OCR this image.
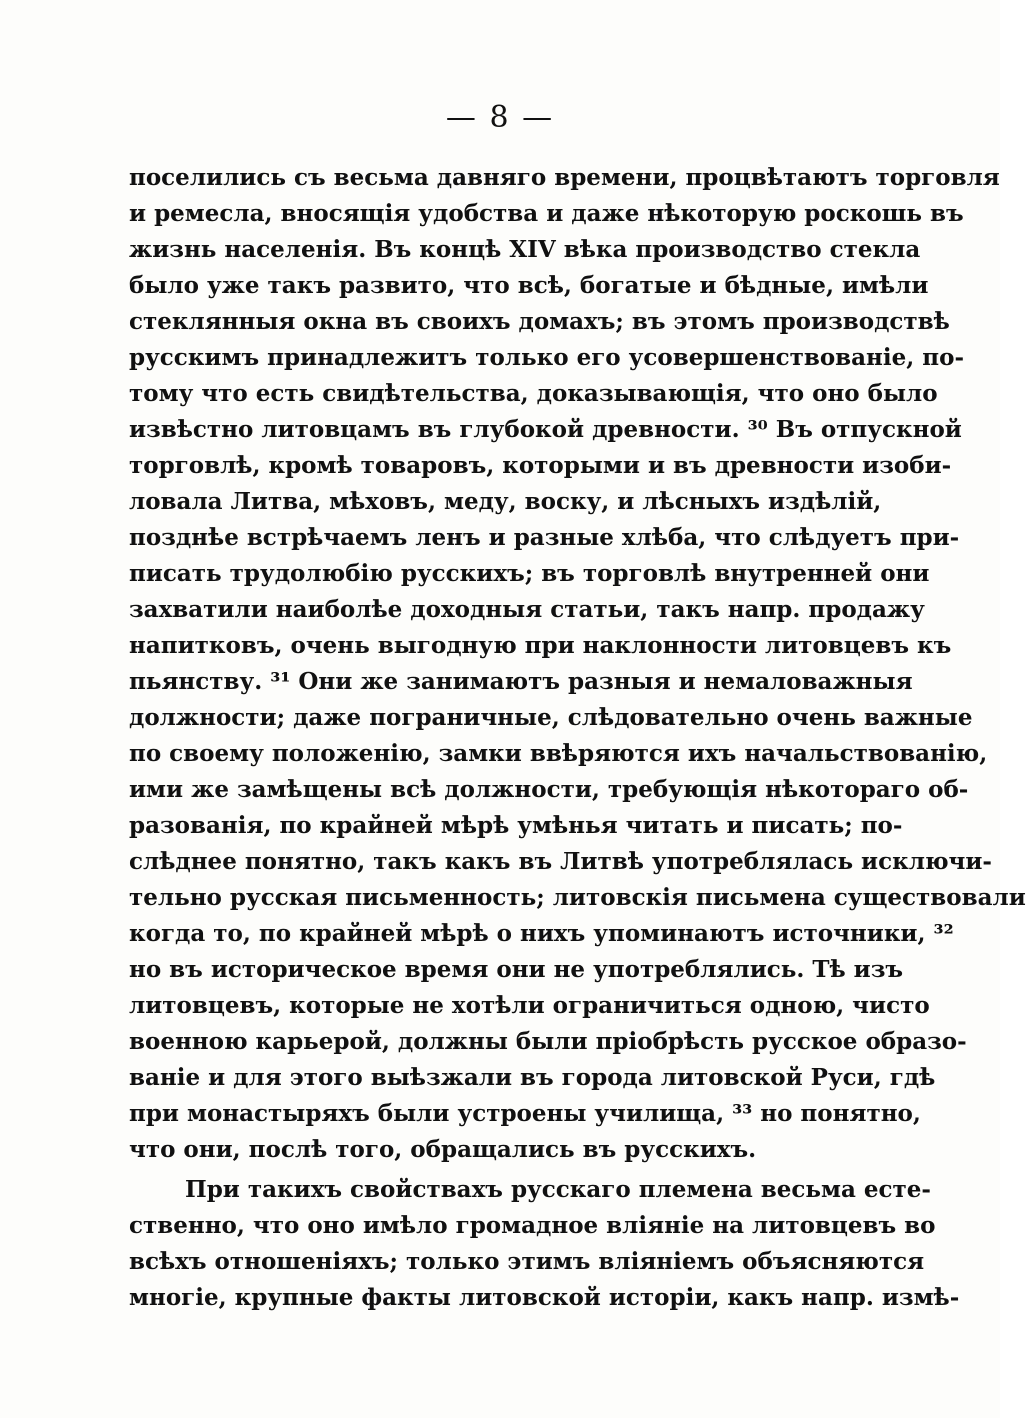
— 8 —
поселились съ весьма давняго времени, процвѣтаютъ торговля
и ремесла, вносящія удобства и даже нѣкоторую роскошь въ
жизнь населенія. Въ концѣ XIV вѣка производство стекла
было уже такъ развито, что всѣ, богатые и бѣдные, имѣли
стеклянныя окна въ своихъ домахъ; въ этомъ производствѣ
русскимъ принадлежитъ только его усовершенствованіе, по-
тому что есть свидѣтельства, доказывающія, что оно было
извѣстно литовцамъ въ глубокой древности. ³⁰ Въ отпускной
торговлѣ, кромѣ товаровъ, которыми и въ древности изоби-
ловала Литва, мѣховъ, меду, воску, и лѣсныхъ издѣлій,
позднѣе встрѣчаемъ ленъ и разные хлѣба, что слѣдуетъ при-
писать трудолюбію русскихъ; въ торговлѣ внутренней они
захватили наиболѣе доходныя статьи, такъ напр. продажу
напитковъ, очень выгодную при наклонности литовцевъ къ
пьянству. ³¹ Они же занимаютъ разныя и немаловажныя
должности; даже пограничные, слѣдовательно очень важные
по своему положенію, замки ввѣряются ихъ начальствованію,
ими же замѣщены всѣ должности, требующія нѣкотораго об-
разованія, по крайней мѣрѣ умѣнья читать и писать; по-
слѣднее понятно, такъ какъ въ Литвѣ употреблялась исключи-
тельно русская письменность; литовскія письмена существовали
когда то, по крайней мѣрѣ о нихъ упоминаютъ источники, ³²
но въ историческое время они не употреблялись. Тѣ изъ
литовцевъ, которые не хотѣли ограничиться одною, чисто
военною карьерой, должны были пріобрѣсть русское образо-
ваніе и для этого выѣзжали въ города литовской Руси, гдѣ
при монастыряхъ были устроены училища, ³³ но понятно,
что они, послѣ того, обращались въ русскихъ.
При такихъ свойствахъ русскаго племена весьма есте-
ственно, что оно имѣло громадное вліяніе на литовцевъ во
всѣхъ отношеніяхъ; только этимъ вліяніемъ объясняются
многіе, крупные факты литовской исторіи, какъ напр. измѣ-
